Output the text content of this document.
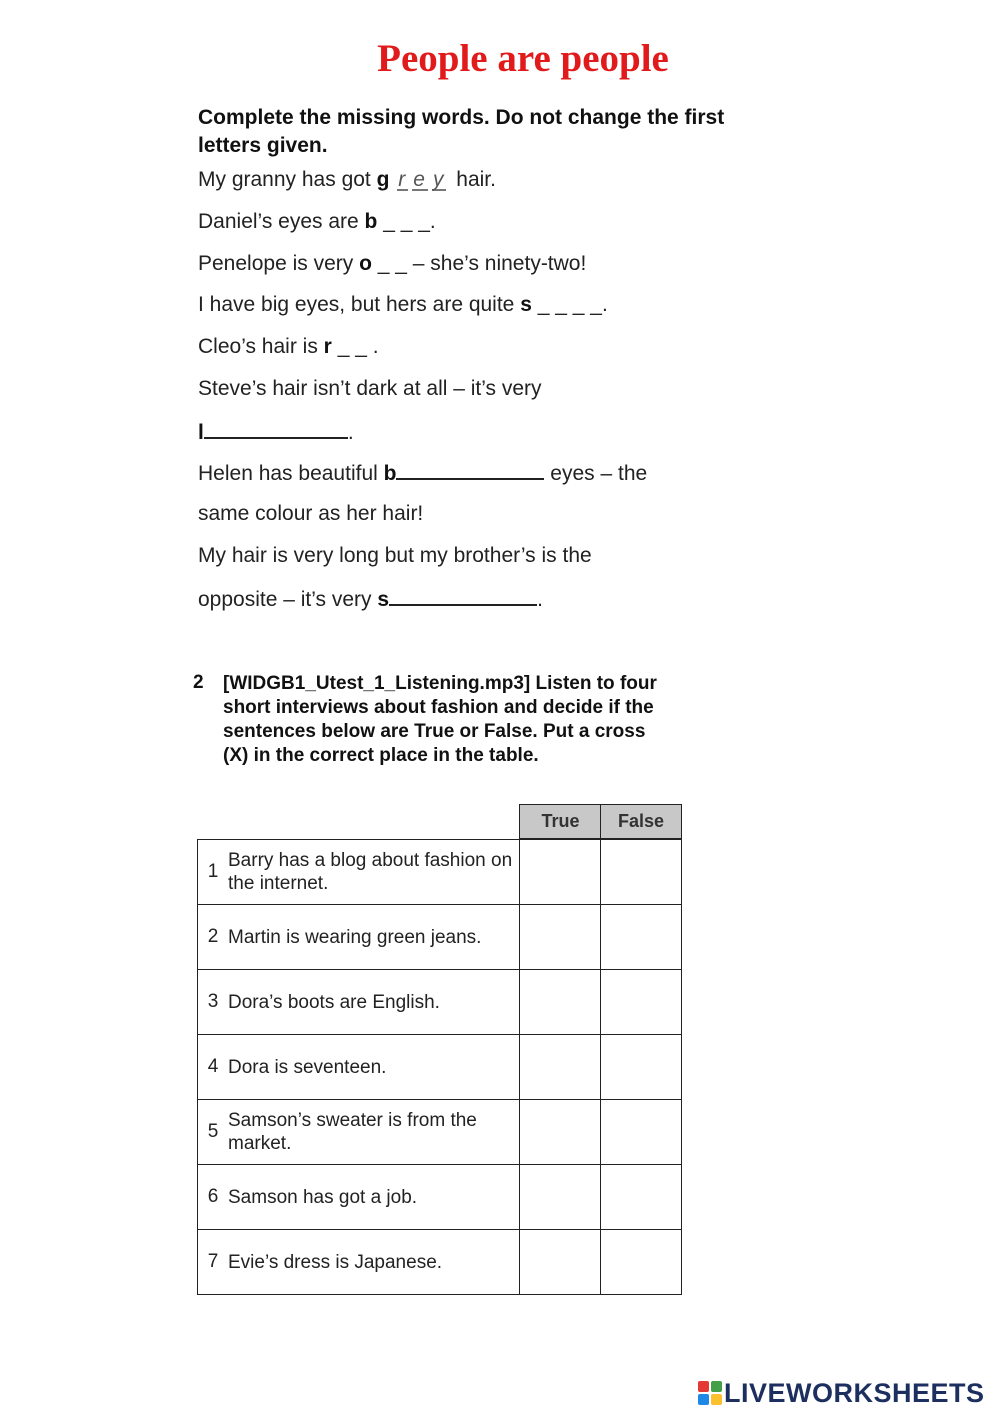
People are people
Complete the missing words. Do not change the first letters given.
My granny has got g r e y hair.
Daniel’s eyes are b _ _ _.
Penelope is very o _ _ – she’s ninety-two!
I have big eyes, but hers are quite s _ _ _ _.
Cleo’s hair is r _ _ .
Steve’s hair isn’t dark at all – it’s very
l	.
Helen has beautiful b	eyes – the
same colour as her hair!
My hair is very long but my brother’s is the
opposite – it’s very s	.
2 [WIDGB1_Utest_1_Listening.mp3] Listen to four short interviews about fashion and decide if the sentences below are True or False. Put a cross (X) in the correct place in the table.
True	False
1	Barry has a blog about fashion on the internet.		
2	Martin is wearing green jeans.		
3	Dora’s boots are English.		
4	Dora is seventeen.		
5	Samson’s sweater is from the market.		
6	Samson has got a job.		
7	Evie’s dress is Japanese.		
LIVEWORKSHEETS
